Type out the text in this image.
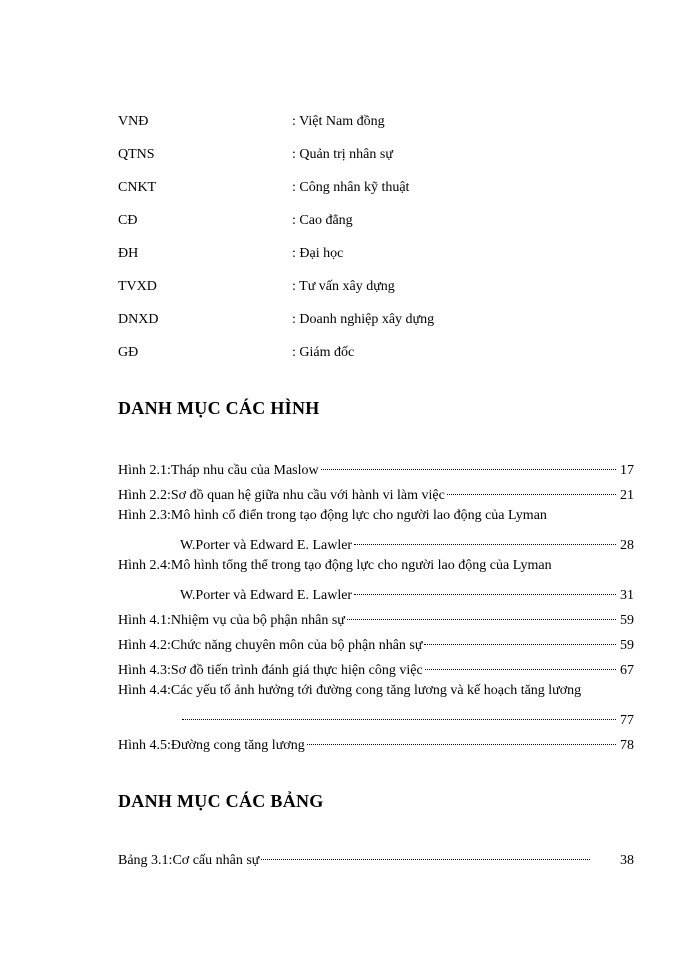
VNĐ	: Việt Nam đồng
QTNS	: Quản trị nhân sự
CNKT	: Công nhân kỹ thuật
CĐ	: Cao đẳng
ĐH	: Đại học
TVXD	: Tư vấn xây dựng
DNXD	: Doanh nghiệp xây dựng
GĐ	: Giám đốc
DANH MỤC CÁC HÌNH
Hình 2.1: Tháp nhu cầu của Maslow	17
Hình 2.2: Sơ đồ quan hệ giữa nhu cầu với hành vi làm việc	21
Hình 2.3: Mô hình cổ điển trong tạo động lực cho người lao động của Lyman
W.Porter và Edward E. Lawler	28
Hình 2.4: Mô hình tổng thể trong tạo động lực cho người lao động của Lyman
W.Porter và Edward E. Lawler	31
Hình 4.1: Nhiệm vụ của bộ phận nhân sự	59
Hình 4.2: Chức năng chuyên môn của bộ phận nhân sự	59
Hình 4.3: Sơ đồ tiến trình đánh giá thực hiện công việc	67
Hình 4.4: Các yếu tố ảnh hưởng tới đường cong tăng lương và kế hoạch tăng lương
77
Hình 4.5: Đường cong tăng lương	78
DANH MỤC CÁC BẢNG
Bảng 3.1: Cơ cấu nhân sự	38
